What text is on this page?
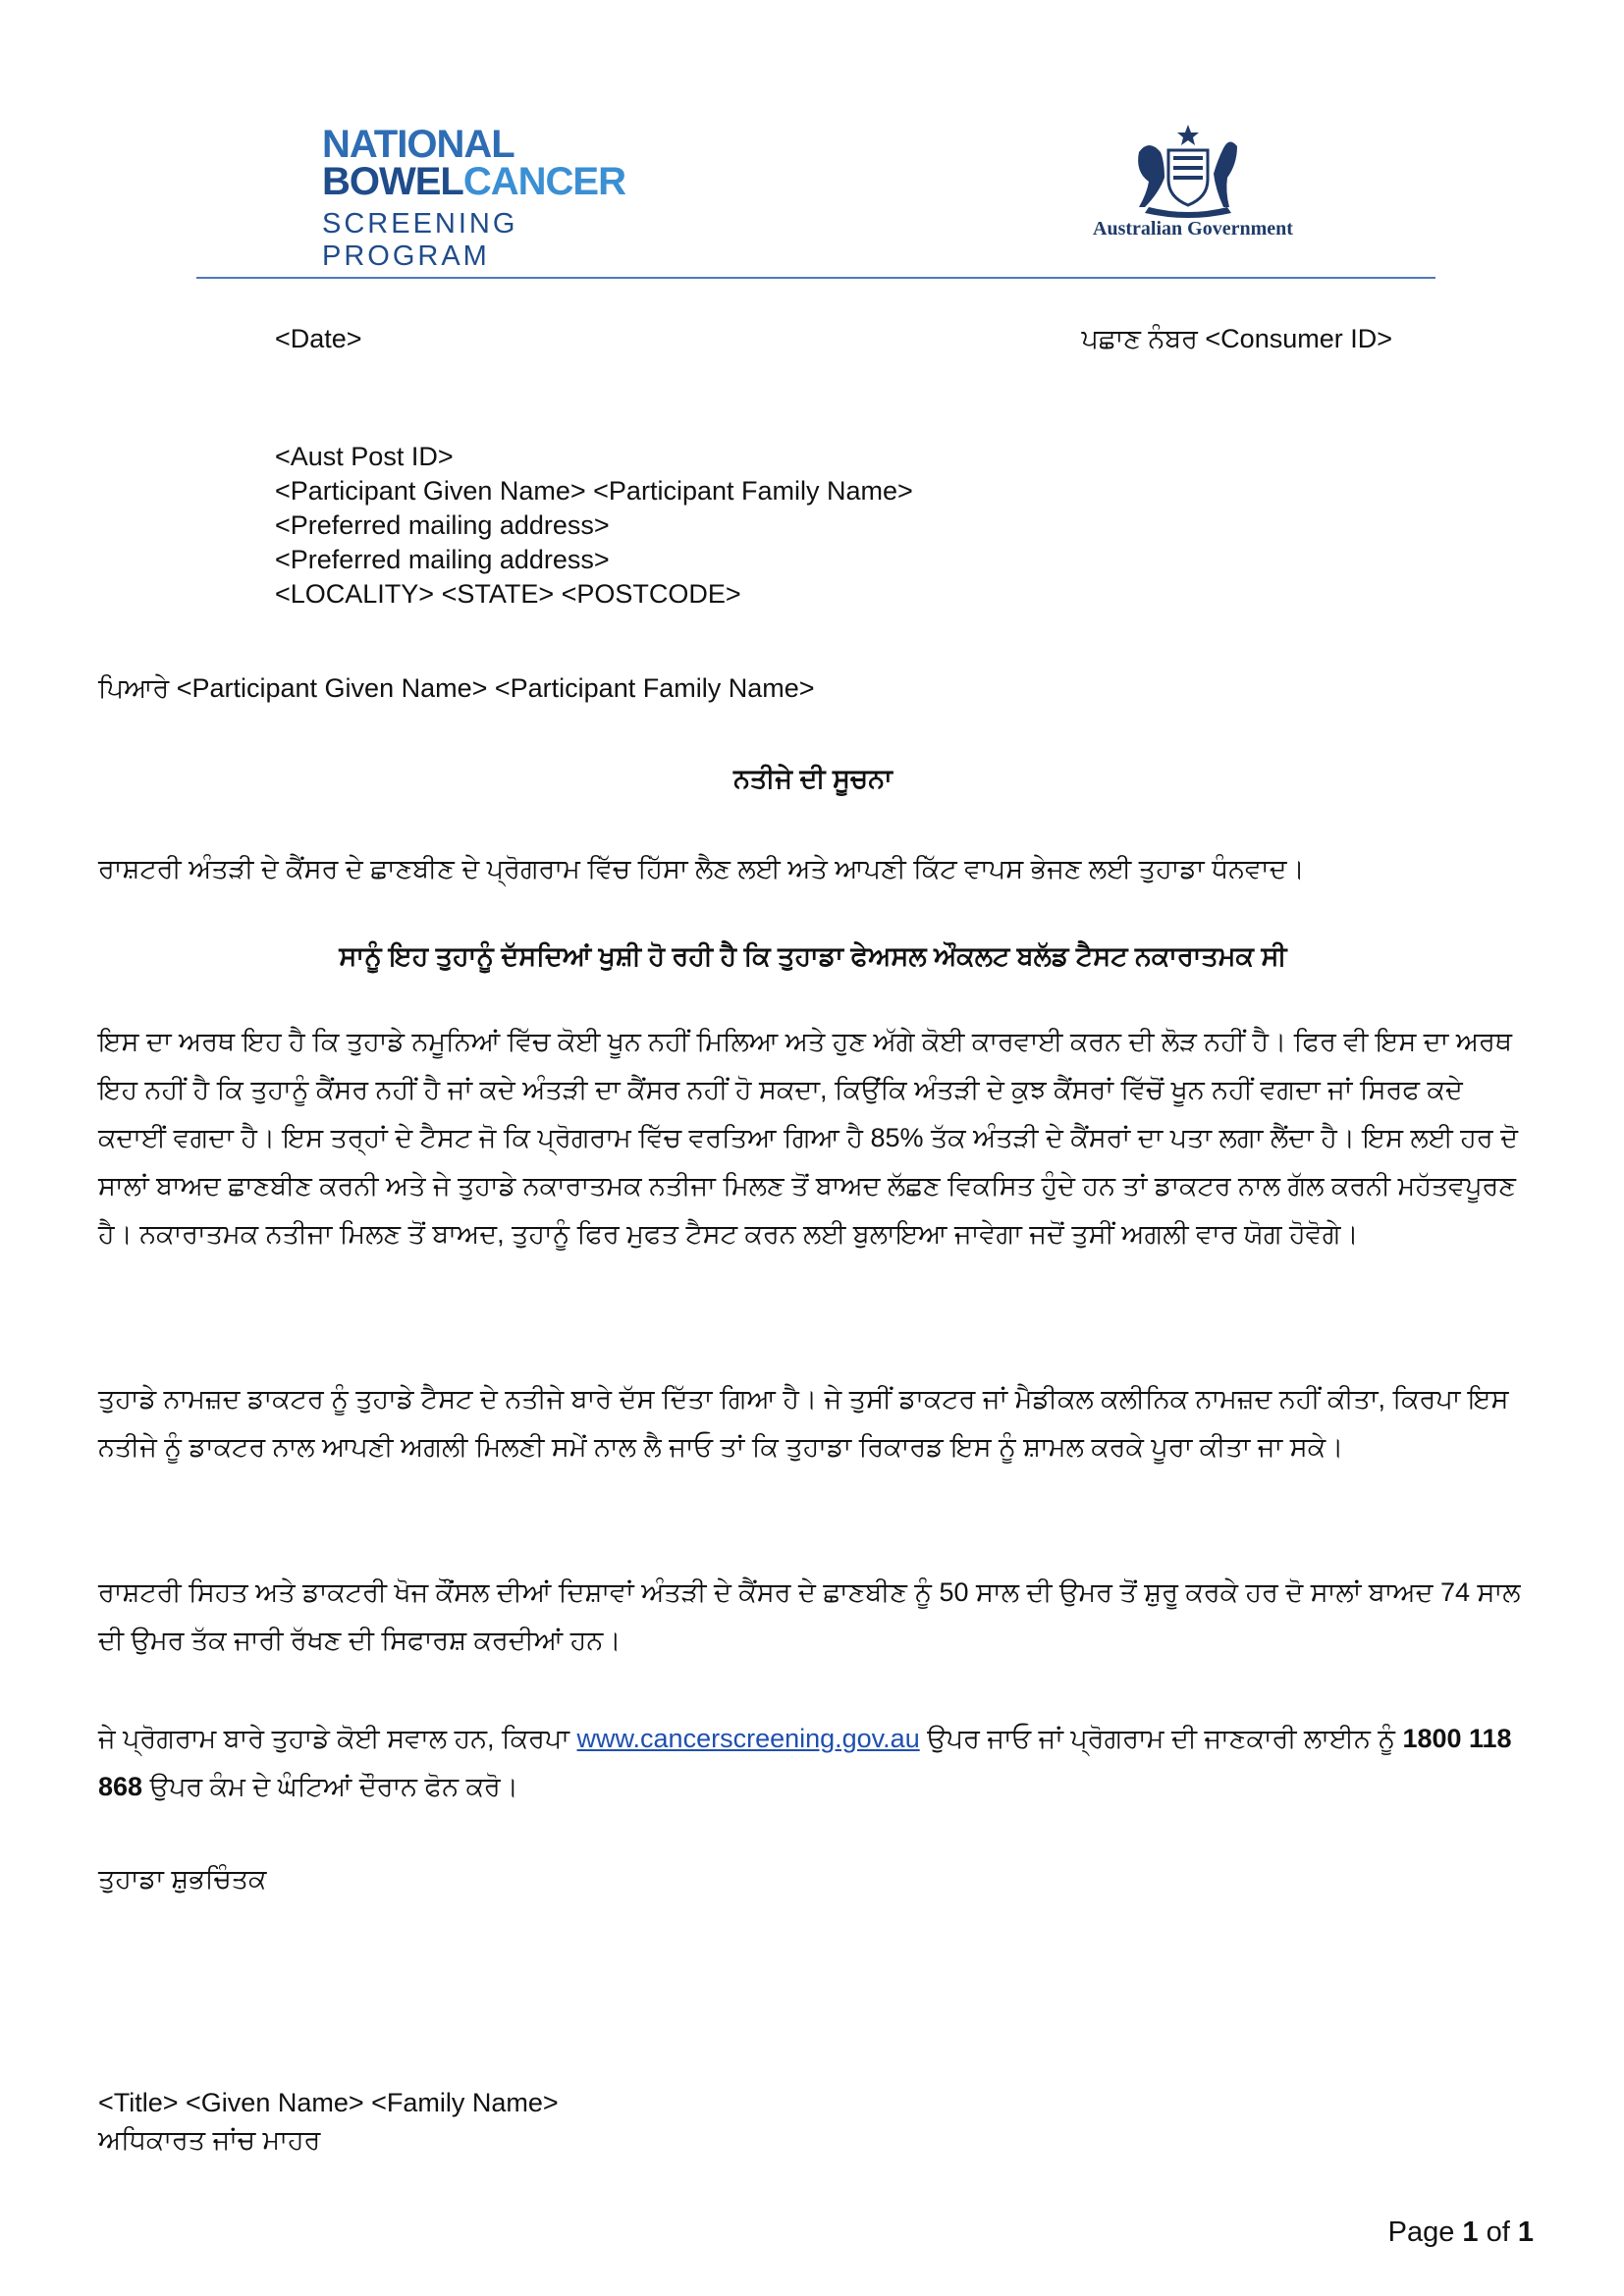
NATIONAL
BOWELCANCER
SCREENING PROGRAM
Australian Government
<Date>	ਪਛਾਣ ਨੰਬਰ <Consumer ID>
<Aust Post ID>
<Participant Given Name> <Participant Family Name>
<Preferred mailing address>
<Preferred mailing address>
<LOCALITY> <STATE> <POSTCODE>
ਪਿਆਰੇ <Participant Given Name> <Participant Family Name>
ਨਤੀਜੇ ਦੀ ਸੂਚਨਾ
ਰਾਸ਼ਟਰੀ ਅੰਤੜੀ ਦੇ ਕੈਂਸਰ ਦੇ ਛਾਣਬੀਣ ਦੇ ਪ੍ਰੋਗਰਾਮ ਵਿੱਚ ਹਿੱਸਾ ਲੈਣ ਲਈ ਅਤੇ ਆਪਣੀ ਕਿੱਟ ਵਾਪਸ ਭੇਜਣ ਲਈ ਤੁਹਾਡਾ ਧੰਨਵਾਦ।
ਸਾਨੂੰ ਇਹ ਤੁਹਾਨੂੰ ਦੱਸਦਿਆਂ ਖੁਸ਼ੀ ਹੋ ਰਹੀ ਹੈ ਕਿ ਤੁਹਾਡਾ ਫੇਅਸਲ ਔਕਲਟ ਬਲੱਡ ਟੈਸਟ ਨਕਾਰਾਤਮਕ ਸੀ
ਇਸ ਦਾ ਅਰਥ ਇਹ ਹੈ ਕਿ ਤੁਹਾਡੇ ਨਮੂਨਿਆਂ ਵਿੱਚ ਕੋਈ ਖੂਨ ਨਹੀਂ ਮਿਲਿਆ ਅਤੇ ਹੁਣ ਅੱਗੇ ਕੋਈ ਕਾਰਵਾਈ ਕਰਨ ਦੀ ਲੋੜ ਨਹੀਂ ਹੈ। ਫਿਰ ਵੀ ਇਸ ਦਾ ਅਰਥ ਇਹ ਨਹੀਂ ਹੈ ਕਿ ਤੁਹਾਨੂੰ ਕੈਂਸਰ ਨਹੀਂ ਹੈ ਜਾਂ ਕਦੇ ਅੰਤੜੀ ਦਾ ਕੈਂਸਰ ਨਹੀਂ ਹੋ ਸਕਦਾ, ਕਿਉਂਕਿ ਅੰਤੜੀ ਦੇ ਕੁਝ ਕੈਂਸਰਾਂ ਵਿੱਚੋਂ ਖੂਨ ਨਹੀਂ ਵਗਦਾ ਜਾਂ ਸਿਰਫ ਕਦੇ ਕਦਾਈਂ ਵਗਦਾ ਹੈ। ਇਸ ਤਰ੍ਹਾਂ ਦੇ ਟੈਸਟ ਜੋ ਕਿ ਪ੍ਰੋਗਰਾਮ ਵਿੱਚ ਵਰਤਿਆ ਗਿਆ ਹੈ 85% ਤੱਕ ਅੰਤੜੀ ਦੇ ਕੈਂਸਰਾਂ ਦਾ ਪਤਾ ਲਗਾ ਲੈਂਦਾ ਹੈ। ਇਸ ਲਈ ਹਰ ਦੋ ਸਾਲਾਂ ਬਾਅਦ ਛਾਣਬੀਣ ਕਰਨੀ ਅਤੇ ਜੇ ਤੁਹਾਡੇ ਨਕਾਰਾਤਮਕ ਨਤੀਜਾ ਮਿਲਣ ਤੋਂ ਬਾਅਦ ਲੱਛਣ ਵਿਕਸਿਤ ਹੁੰਦੇ ਹਨ ਤਾਂ ਡਾਕਟਰ ਨਾਲ ਗੱਲ ਕਰਨੀ ਮਹੱਤਵਪੂਰਣ ਹੈ। ਨਕਾਰਾਤਮਕ ਨਤੀਜਾ ਮਿਲਣ ਤੋਂ ਬਾਅਦ, ਤੁਹਾਨੂੰ ਫਿਰ ਮੁਫਤ ਟੈਸਟ ਕਰਨ ਲਈ ਬੁਲਾਇਆ ਜਾਵੇਗਾ ਜਦੋਂ ਤੁਸੀਂ ਅਗਲੀ ਵਾਰ ਯੋਗ ਹੋਵੋਗੇ।
ਤੁਹਾਡੇ ਨਾਮਜ਼ਦ ਡਾਕਟਰ ਨੂੰ ਤੁਹਾਡੇ ਟੈਸਟ ਦੇ ਨਤੀਜੇ ਬਾਰੇ ਦੱਸ ਦਿੱਤਾ ਗਿਆ ਹੈ। ਜੇ ਤੁਸੀਂ ਡਾਕਟਰ ਜਾਂ ਮੈਡੀਕਲ ਕਲੀਨਿਕ ਨਾਮਜ਼ਦ ਨਹੀਂ ਕੀਤਾ, ਕਿਰਪਾ ਇਸ ਨਤੀਜੇ ਨੂੰ ਡਾਕਟਰ ਨਾਲ ਆਪਣੀ ਅਗਲੀ ਮਿਲਣੀ ਸਮੇਂ ਨਾਲ ਲੈ ਜਾਓ ਤਾਂ ਕਿ ਤੁਹਾਡਾ ਰਿਕਾਰਡ ਇਸ ਨੂੰ ਸ਼ਾਮਲ ਕਰਕੇ ਪੂਰਾ ਕੀਤਾ ਜਾ ਸਕੇ।
ਰਾਸ਼ਟਰੀ ਸਿਹਤ ਅਤੇ ਡਾਕਟਰੀ ਖੋਜ ਕੌਂਸਲ ਦੀਆਂ ਦਿਸ਼ਾਵਾਂ ਅੰਤੜੀ ਦੇ ਕੈਂਸਰ ਦੇ ਛਾਣਬੀਣ ਨੂੰ 50 ਸਾਲ ਦੀ ਉਮਰ ਤੋਂ ਸ਼ੁਰੂ ਕਰਕੇ ਹਰ ਦੋ ਸਾਲਾਂ ਬਾਅਦ 74 ਸਾਲ ਦੀ ਉਮਰ ਤੱਕ ਜਾਰੀ ਰੱਖਣ ਦੀ ਸਿਫਾਰਸ਼ ਕਰਦੀਆਂ ਹਨ।
ਜੇ ਪ੍ਰੋਗਰਾਮ ਬਾਰੇ ਤੁਹਾਡੇ ਕੋਈ ਸਵਾਲ ਹਨ, ਕਿਰਪਾ www.cancerscreening.gov.au ਉਪਰ ਜਾਓ ਜਾਂ ਪ੍ਰੋਗਰਾਮ ਦੀ ਜਾਣਕਾਰੀ ਲਾਈਨ ਨੂੰ 1800 118 868 ਉਪਰ ਕੰਮ ਦੇ ਘੰਟਿਆਂ ਦੌਰਾਨ ਫੋਨ ਕਰੋ।
ਤੁਹਾਡਾ ਸ਼ੁਭਚਿੰਤਕ
<Title> <Given Name> <Family Name>
ਅਧਿਕਾਰਤ ਜਾਂਚ ਮਾਹਰ
Page 1 of 1
